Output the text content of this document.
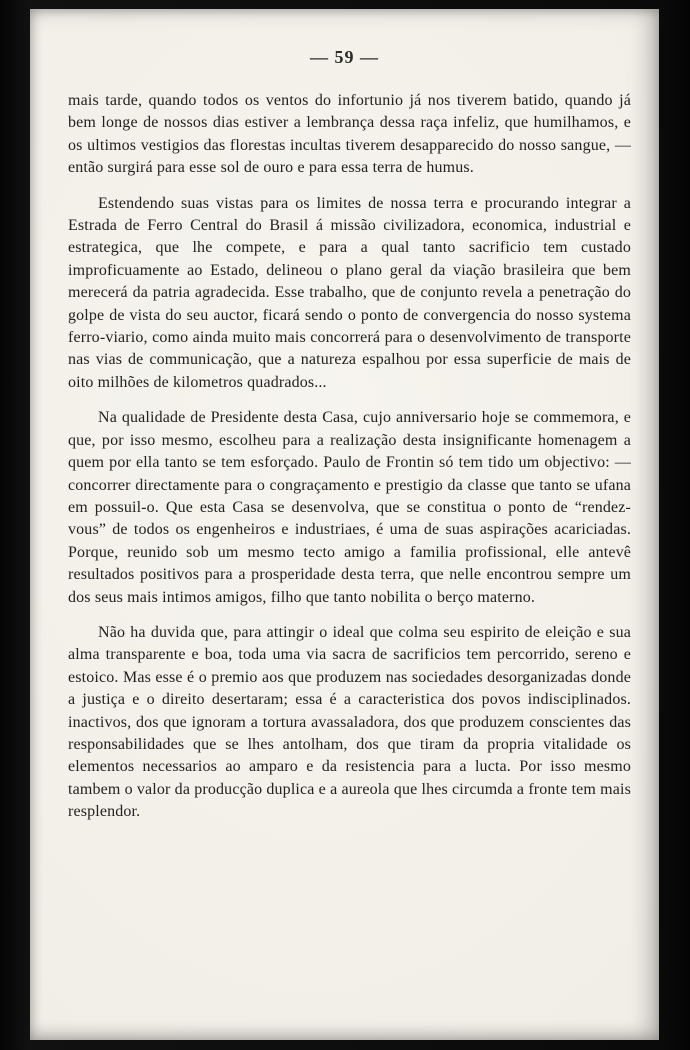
— 59 —

mais tarde, quando todos os ventos do infortunio já nos tiverem batido, quando já bem longe de nossos dias estiver a lembrança dessa raça infeliz, que humilhamos, e os ultimos vestigios das florestas incultas tiverem desapparecido do nosso sangue, — então surgirá para esse sol de ouro e para essa terra de humus.

Estendendo suas vistas para os limites de nossa terra e procurando integrar a Estrada de Ferro Central do Brasil á missão civilizadora, economica, industrial e estrategica, que lhe compete, e para a qual tanto sacrificio tem custado improficuamente ao Estado, delineou o plano geral da viação brasileira que bem merecerá da patria agradecida. Esse trabalho, que de conjunto revela a penetração do golpe de vista do seu auctor, ficará sendo o ponto de convergencia do nosso systema ferro-viario, como ainda muito mais concorrerá para o desenvolvimento de transporte nas vias de communicação, que a natureza espalhou por essa superficie de mais de oito milhões de kilometros quadrados...

Na qualidade de Presidente desta Casa, cujo anniversario hoje se commemora, e que, por isso mesmo, escolheu para a realização desta insignificante homenagem a quem por ella tanto se tem esforçado. Paulo de Frontin só tem tido um objectivo: — concorrer directamente para o congraçamento e prestigio da classe que tanto se ufana em possuil-o. Que esta Casa se desenvolva, que se constitua o ponto de “rendez-vous” de todos os engenheiros e industriaes, é uma de suas aspirações acariciadas. Porque, reunido sob um mesmo tecto amigo a familia profissional, elle antevê resultados positivos para a prosperidade desta terra, que nelle encontrou sempre um dos seus mais intimos amigos, filho que tanto nobilita o berço materno.

Não ha duvida que, para attingir o ideal que colma seu espirito de eleição e sua alma transparente e boa, toda uma via sacra de sacrificios tem percorrido, sereno e estoico. Mas esse é o premio aos que produzem nas sociedades desorganizadas donde a justiça e o direito desertaram; essa é a caracteristica dos povos indisciplinados. inactivos, dos que ignoram a tortura avassaladora, dos que produzem conscientes das responsabilidades que se lhes antolham, dos que tiram da propria vitalidade os elementos necessarios ao amparo e da resistencia para a lucta. Por isso mesmo tambem o valor da producção duplica e a aureola que lhes circumda a fronte tem mais resplendor.
